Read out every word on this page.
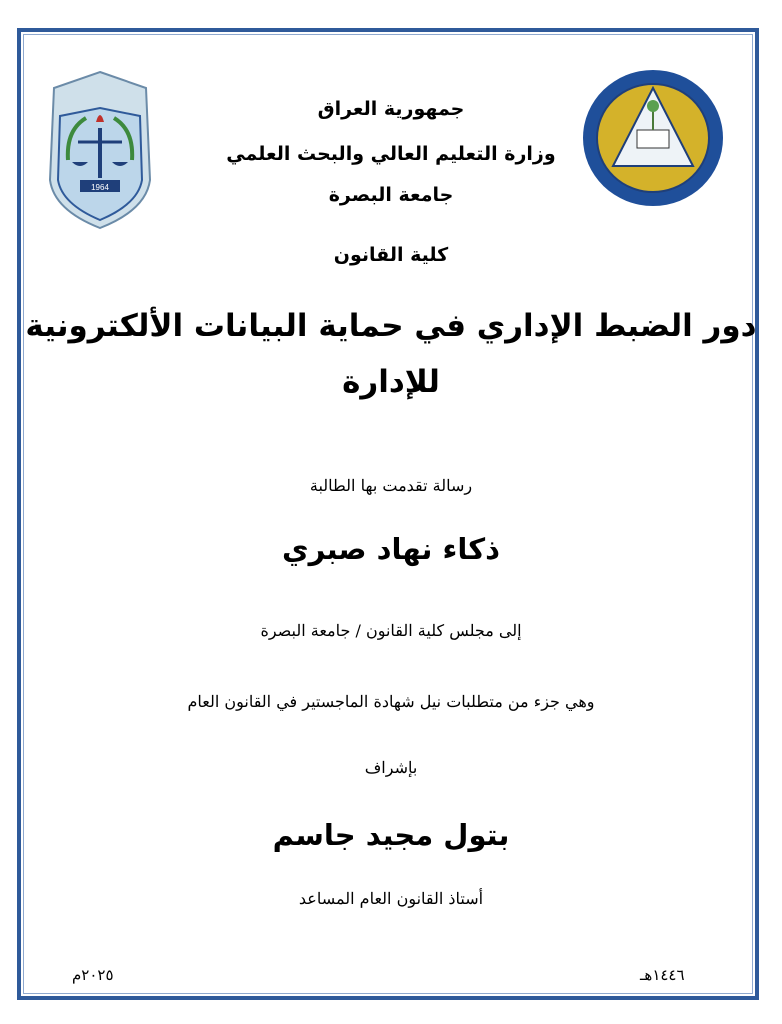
1964
جمهورية العراق
وزارة التعليم العالي والبحث العلمي
جامعة البصرة
كلية القانون
دور الضبط الإداري في حماية البيانات الألكترونية
للإدارة
رسالة تقدمت بها الطالبة
ذكاء نهاد صبري
إلى مجلس كلية القانون / جامعة البصرة
وهي جزء من متطلبات نيل شهادة الماجستير في القانون العام
بإشراف
بتول مجيد جاسم
أستاذ القانون العام المساعد
٢٠٢٥م	١٤٤٦هـ
